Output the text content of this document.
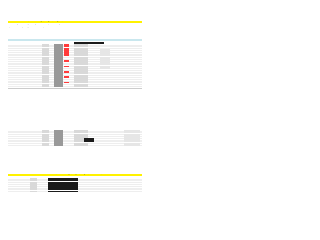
DESCRIPTION OF BAR (Standard Length, Length 1, Length 2, Mass / Cut list
Standard length of bar / Length 1 / Length 2 / Total mass per cut list / Weight
Input values below (yellow) generate schedule output
BAR SCHEDULE / MASS / TOTALS - INFORMATION ON BAR (Standard Length, Length 1, Length 2, Mass / Cut list)
